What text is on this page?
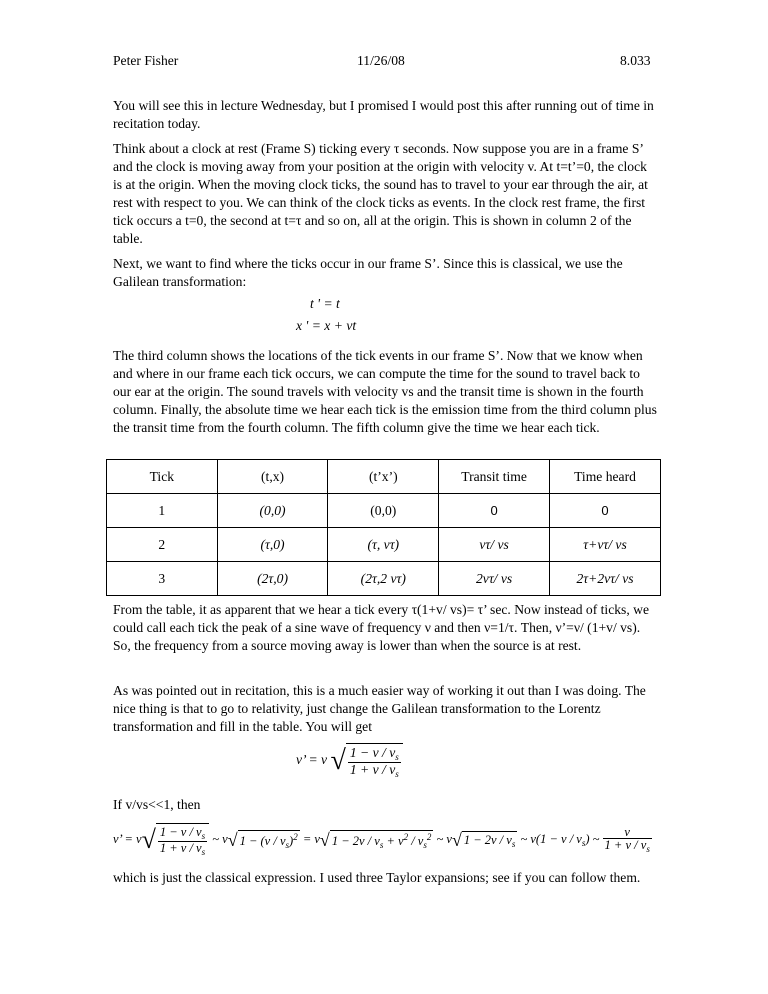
Peter Fisher	11/26/08	8.033

You will see this in lecture Wednesday, but I promised I would post this after running out of time in recitation today.

Think about a clock at rest (Frame S) ticking every τ seconds. Now suppose you are in a frame S’ and the clock is moving away from your position at the origin with velocity v. At t=t’=0, the clock is at the origin. When the moving clock ticks, the sound has to travel to your ear through the air, at rest with respect to you. We can think of the clock ticks as events. In the clock rest frame, the first tick occurs a t=0, the second at t=τ and so on, all at the origin. This is shown in column 2 of the table.

Next, we want to find where the ticks occur in our frame S’. Since this is classical, we use the Galilean transformation:

t ' = t
x ' = x + vt

The third column shows the locations of the tick events in our frame S’. Now that we know when and where in our frame each tick occurs, we can compute the time for the sound to travel back to our ear at the origin. The sound travels with velocity vs and the transit time is shown in the fourth column. Finally, the absolute time we hear each tick is the emission time from the third column plus the transit time from the fourth column. The fifth column give the time we hear each tick.

Tick	(t,x)	(t’x’)	Transit time	Time heard
1	(0,0)	(0,0)	0	0
2	(τ,0)	(τ, vτ)	vτ/ vs	τ+vτ/ vs
3	(2τ,0)	(2τ,2 vτ)	2vτ/ vs	2τ+2vτ/ vs

From the table, it as apparent that we hear a tick every τ(1+v/ vs)= τ’ sec. Now instead of ticks, we could call each tick the peak of a sine wave of frequency ν and then ν=1/τ. Then, ν’=ν/ (1+v/ vs). So, the frequency from a source moving away is lower than when the source is at rest.

As was pointed out in recitation, this is a much easier way of working it out than I was doing. The nice thing is that to go to relativity, just change the Galilean transformation to the Lorentz transformation and fill in the table. You will get

ν’ = ν √ $\frac{1 - v / v_s}{1 + v / v_s}$

If v/vs<<1, then

ν’ = $\nu√ \frac{1 - v / v_s}{1 + v / v_s}$ ~ ν√ $1 - (v / v_s)^2 = \nu√$ $1 - 2v / v_s + v^2 / v_s^2$ ~ ν√ $1 - 2v / v_s$ ~ $\nu(1 - v / v_s)$ ~ $\frac{\nu}{1 + v / v_s}$

which is just the classical expression. I used three Taylor expansions; see if you can follow them.
